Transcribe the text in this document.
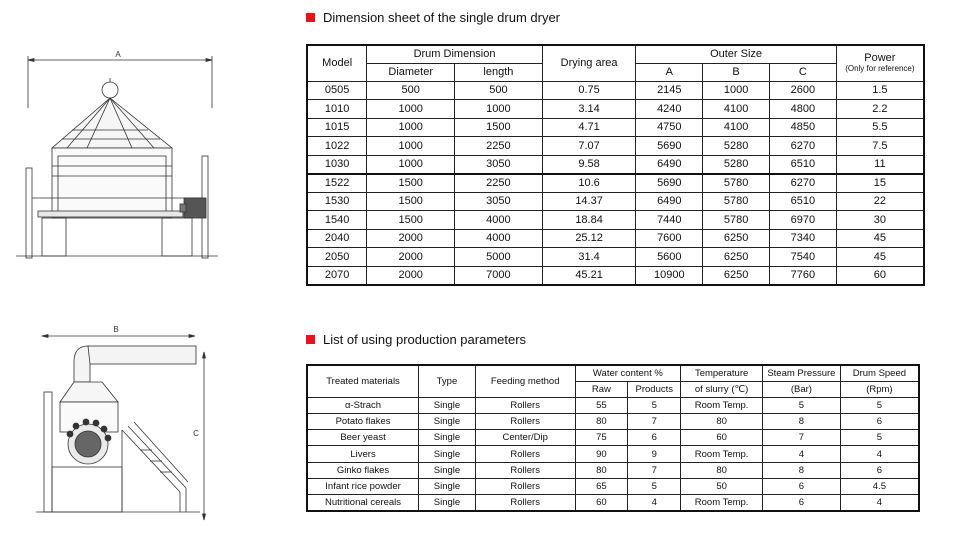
A
B
C
Dimension sheet of the single drum dryer
Model	Drum Dimension		Drying area	Outer Size			Power
(Only for reference)

	Diameter	length		A	B	C	
0505	500	500	0.75	2145	1000	2600	1.5
1010	1000	1000	3.14	4240	4100	4800	2.2
1015	1000	1500	4.71	4750	4100	4850	5.5
1022	1000	2250	7.07	5690	5280	6270	7.5
1030	1000	3050	9.58	6490	5280	6510	11
1522	1500	2250	10.6	5690	5780	6270	15
1530	1500	3050	14.37	6490	5780	6510	22
1540	1500	4000	18.84	7440	5780	6970	30
2040	2000	4000	25.12	7600	6250	7340	45
2050	2000	5000	31.4	5600	6250	7540	45
2070	2000	7000	45.21	10900	6250	7760	60
List of using production parameters
Treated materials	Type	Feeding method	Water content %		Temperature	Steam Pressure	Drum Speed
			Raw	Products	of slurry (℃)	(Bar)	(Rpm)
α-Strach	Single	Rollers	55	5	Room Temp.	5	5
Potato flakes	Single	Rollers	80	7	80	8	6
Beer yeast	Single	Center/Dip	75	6	60	7	5
Livers	Single	Rollers	90	9	Room Temp.	4	4
Ginko flakes	Single	Rollers	80	7	80	8	6
Infant rice powder	Single	Rollers	65	5	50	6	4.5
Nutritional cereals	Single	Rollers	60	4	Room Temp.	6	4
